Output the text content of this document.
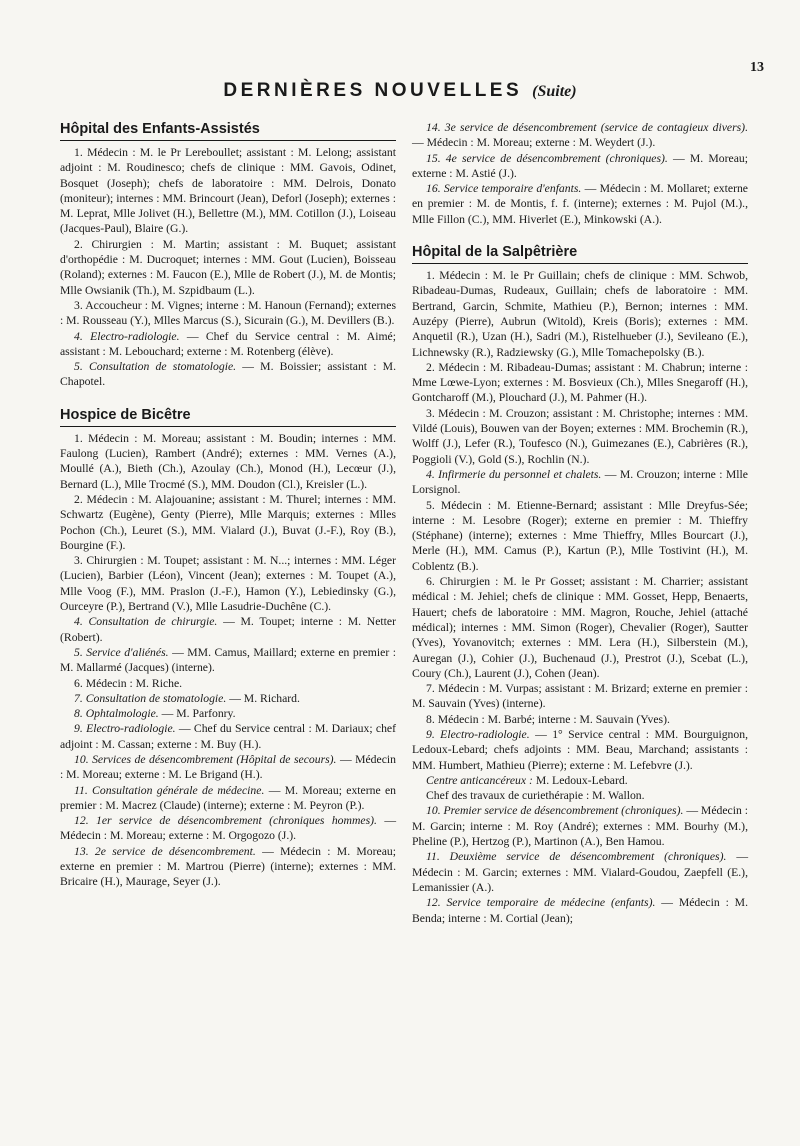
13
DERNIÈRES NOUVELLES (Suite)
Hôpital des Enfants-Assistés

1. Médecin : M. le Pr Lereboullet; assistant : M. Lelong; assistant adjoint : M. Roudinesco; chefs de clinique : MM. Gavois, Odinet, Bosquet (Joseph); chefs de laboratoire : MM. Delrois, Donato (moniteur); internes : MM. Brincourt (Jean), Deforl (Joseph); externes : M. Leprat, Mlle Jolivet (H.), Bellettre (M.), MM. Cotillon (J.), Loiseau (Jacques-Paul), Blaire (G.).

2. Chirurgien : M. Martin; assistant : M. Buquet; assistant d'orthopédie : M. Ducroquet; internes : MM. Gout (Lucien), Boisseau (Roland); externes : M. Faucon (E.), Mlle de Robert (J.), M. de Montis; Mlle Owsianik (Th.), M. Szpidbaum (L.).

3. Accoucheur : M. Vignes; interne : M. Hanoun (Fernand); externes : M. Rousseau (Y.), Mlles Marcus (S.), Sicurain (G.), M. Devillers (B.).

4. Electro-radiologie. — Chef du Service central : M. Aimé; assistant : M. Lebouchard; externe : M. Rotenberg (élève).

5. Consultation de stomatologie. — M. Boissier; assistant : M. Chapotel.

Hospice de Bicêtre

1. Médecin : M. Moreau; assistant : M. Boudin; internes : MM. Faulong (Lucien), Rambert (André); externes : MM. Vernes (A.), Moullé (A.), Bieth (Ch.), Azoulay (Ch.), Monod (H.), Lecœur (J.), Bernard (L.), Mlle Trocmé (S.), MM. Doudon (Cl.), Kreisler (L.).

2. Médecin : M. Alajouanine; assistant : M. Thurel; internes : MM. Schwartz (Eugène), Genty (Pierre), Mlle Marquis; externes : Mlles Pochon (Ch.), Leuret (S.), MM. Vialard (J.), Buvat (J.-F.), Roy (B.), Bourgine (F.).

3. Chirurgien : M. Toupet; assistant : M. N...; internes : MM. Léger (Lucien), Barbier (Léon), Vincent (Jean); externes : M. Toupet (A.), Mlle Voog (F.), MM. Praslon (J.-F.), Hamon (Y.), Lebiedinsky (G.), Ourceyre (P.), Bertrand (V.), Mlle Lasudrie-Duchêne (C.).

4. Consultation de chirurgie. — M. Toupet; interne : M. Netter (Robert).

5. Service d'aliénés. — MM. Camus, Maillard; externe en premier : M. Mallarmé (Jacques) (interne).

6. Médecin : M. Riche.

7. Consultation de stomatologie. — M. Richard.

8. Ophtalmologie. — M. Parfonry.

9. Electro-radiologie. — Chef du Service central : M. Dariaux; chef adjoint : M. Cassan; externe : M. Buy (H.).

10. Services de désencombrement (Hôpital de secours). — Médecin : M. Moreau; externe : M. Le Brigand (H.).

11. Consultation générale de médecine. — M. Moreau; externe en premier : M. Macrez (Claude) (interne); externe : M. Peyron (P.).

12. 1er service de désencombrement (chroniques hommes). — Médecin : M. Moreau; externe : M. Orgogozo (J.).

13. 2e service de désencombrement. — Médecin : M. Moreau; externe en premier : M. Martrou (Pierre) (interne); externes : MM. Bricaire (H.), Maurage, Seyer (J.).

14. 3e service de désencombrement (service de contagieux divers). — Médecin : M. Moreau; externe : M. Weydert (J.).

15. 4e service de désencombrement (chroniques). — M. Moreau; externe : M. Astié (J.).

16. Service temporaire d'enfants. — Médecin : M. Mollaret; externe en premier : M. de Montis, f. f. (interne); externes : M. Pujol (M.)., Mlle Fillon (C.), MM. Hiverlet (E.), Minkowski (A.).

Hôpital de la Salpêtrière

1. Médecin : M. le Pr Guillain; chefs de clinique : MM. Schwob, Ribadeau-Dumas, Rudeaux, Guillain; chefs de laboratoire : MM. Bertrand, Garcin, Schmite, Mathieu (P.), Bernon; internes : MM. Auzépy (Pierre), Aubrun (Witold), Kreis (Boris); externes : MM. Anquetil (R.), Uzan (H.), Sadri (M.), Ristelhueber (J.), Sevileano (E.), Lichnewsky (R.), Radziewsky (G.), Mlle Tomachepolsky (B.).

2. Médecin : M. Ribadeau-Dumas; assistant : M. Chabrun; interne : Mme Lœwe-Lyon; externes : M. Bosvieux (Ch.), Mlles Snegaroff (H.), Gontcharoff (M.), Plouchard (J.), M. Pahmer (H.).

3. Médecin : M. Crouzon; assistant : M. Christophe; internes : MM. Vildé (Louis), Bouwen van der Boyen; externes : MM. Brochemin (R.), Wolff (J.), Lefer (R.), Toufesco (N.), Guimezanes (E.), Cabrières (R.), Poggioli (V.), Gold (S.), Rochlin (N.).

4. Infirmerie du personnel et chalets. — M. Crouzon; interne : Mlle Lorsignol.

5. Médecin : M. Etienne-Bernard; assistant : Mlle Dreyfus-Sée; interne : M. Lesobre (Roger); externe en premier : M. Thieffry (Stéphane) (interne); externes : Mme Thieffry, Mlles Bourcart (J.), Merle (H.), MM. Camus (P.), Kartun (P.), Mlle Tostivint (H.), M. Coblentz (B.).

6. Chirurgien : M. le Pr Gosset; assistant : M. Charrier; assistant médical : M. Jehiel; chefs de clinique : MM. Gosset, Hepp, Benaerts, Hauert; chefs de laboratoire : MM. Magron, Rouche, Jehiel (attaché médical); internes : MM. Simon (Roger), Chevalier (Roger), Sautter (Yves), Yovanovitch; externes : MM. Lera (H.), Silberstein (M.), Auregan (J.), Cohier (J.), Buchenaud (J.), Prestrot (J.), Scebat (L.), Coury (Ch.), Laurent (J.), Cohen (Jean).

7. Médecin : M. Vurpas; assistant : M. Brizard; externe en premier : M. Sauvain (Yves) (interne).

8. Médecin : M. Barbé; interne : M. Sauvain (Yves).

9. Electro-radiologie. — 1° Service central : MM. Bourguignon, Ledoux-Lebard; chefs adjoints : MM. Beau, Marchand; assistants : MM. Humbert, Mathieu (Pierre); externe : M. Lefebvre (J.).

Centre anticancéreux : M. Ledoux-Lebard.

Chef des travaux de curiethérapie : M. Wallon.

10. Premier service de désencombrement (chroniques). — Médecin : M. Garcin; interne : M. Roy (André); externes : MM. Bourhy (M.), Pheline (P.), Hertzog (P.), Martinon (A.), Ben Hamou.

11. Deuxième service de désencombrement (chroniques). — Médecin : M. Garcin; externes : MM. Vialard-Goudou, Zaepfell (E.), Lemanissier (A.).

12. Service temporaire de médecine (enfants). — Médecin : M. Benda; interne : M. Cortial (Jean);
